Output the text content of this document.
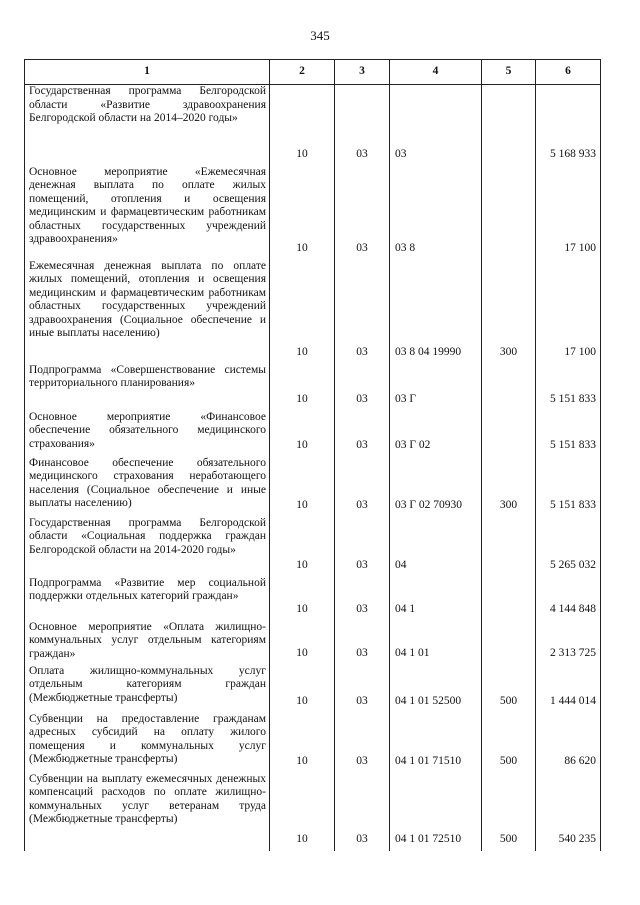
345
1	2	3	4	5	6
Государственная программа Белгородской области «Развитие здравоохранения Белгородской области на 2014–2020 годы»	10	03	03		5 168 933
Основное мероприятие «Ежемесячная денежная выплата по оплате жилых помещений, отопления и освещения медицинским и фармацевтическим работникам областных государственных учреждений здравоохранения»	10	03	03 8		17 100
Ежемесячная денежная выплата по оплате жилых помещений, отопления и освещения медицинским и фармацевтическим работникам областных государственных учреждений здравоохранения (Социальное обеспечение и иные выплаты населению)	10	03	03 8 04 19990	300	17 100
Подпрограмма «Совершенствование системы территориального планирования»	10	03	03 Г		5 151 833
Основное мероприятие «Финансовое обеспечение обязательного медицинского страхования»	10	03	03 Г 02		5 151 833
Финансовое обеспечение обязательного медицинского страхования неработающего населения (Социальное обеспечение и иные выплаты населению)	10	03	03 Г 02 70930	300	5 151 833
Государственная программа Белгородской области «Социальная поддержка граждан Белгородской области на 2014-2020 годы»	10	03	04		5 265 032
Подпрограмма «Развитие мер социальной поддержки отдельных категорий граждан»	10	03	04 1		4 144 848
Основное мероприятие «Оплата жилищно-коммунальных услуг отдельным категориям граждан»	10	03	04 1 01		2 313 725
Оплата жилищно-коммунальных услуг отдельным категориям граждан (Межбюджетные трансферты)	10	03	04 1 01 52500	500	1 444 014
Субвенции на предоставление гражданам адресных субсидий на оплату жилого помещения и коммунальных услуг (Межбюджетные трансферты)	10	03	04 1 01 71510	500	86 620
Субвенции на выплату ежемесячных денежных компенсаций расходов по оплате жилищно-коммунальных услуг ветеранам труда (Межбюджетные трансферты)	10	03	04 1 01 72510	500	540 235
